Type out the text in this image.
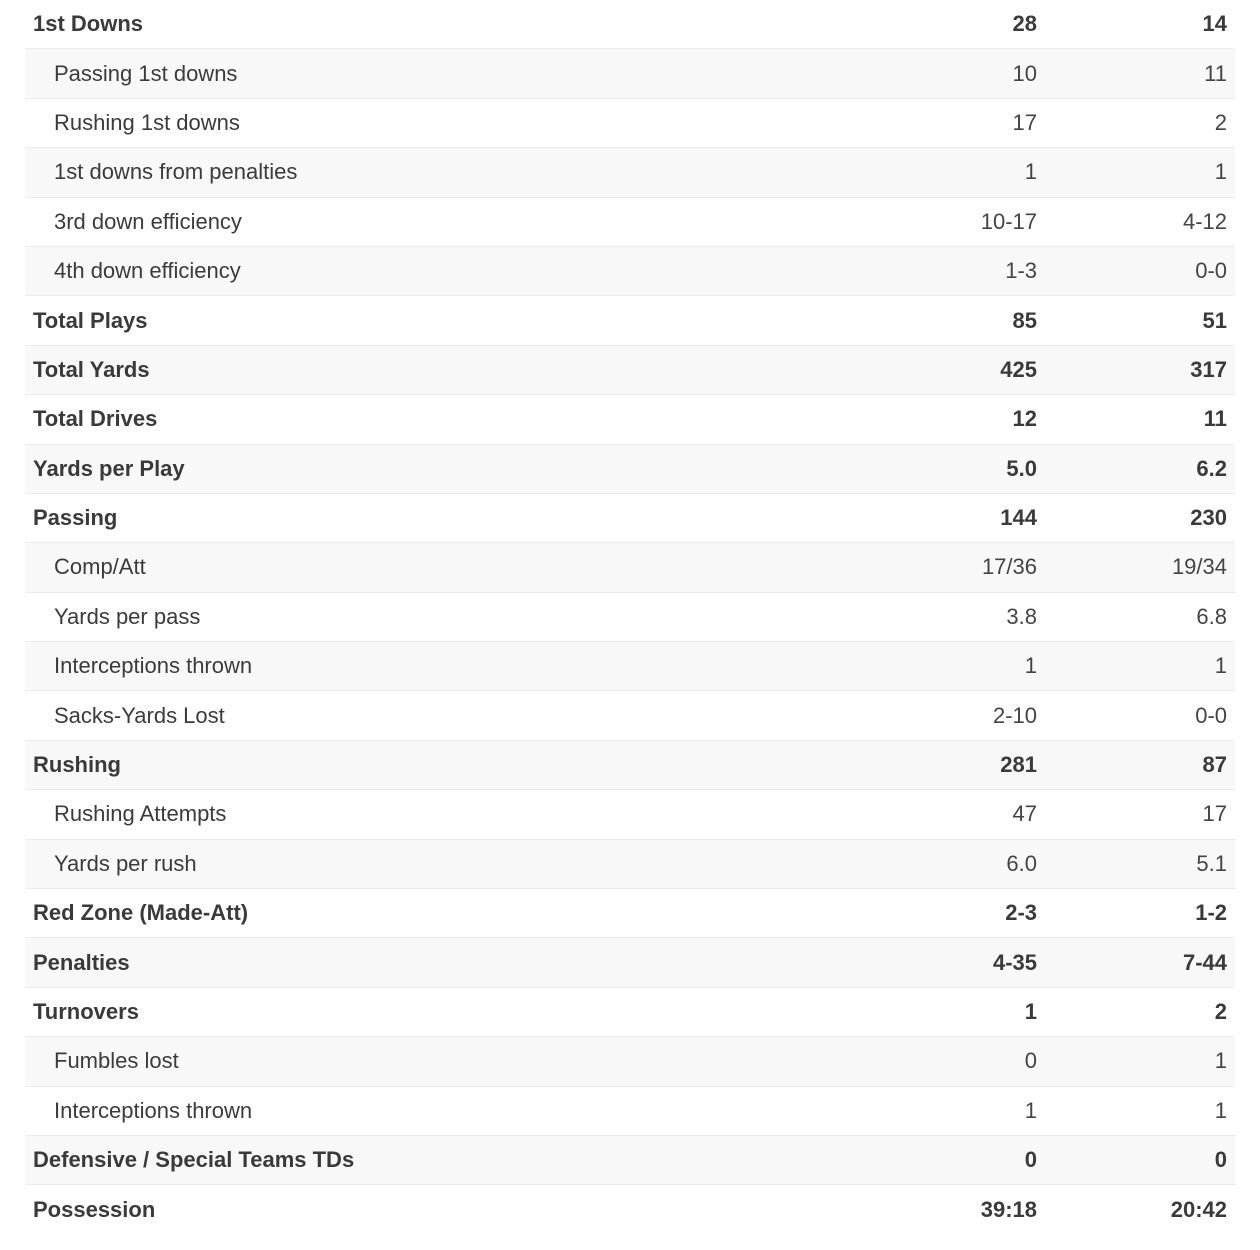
1st Downs	28	14
Passing 1st downs	10	11
Rushing 1st downs	17	2
1st downs from penalties	1	1
3rd down efficiency	10-17	4-12
4th down efficiency	1-3	0-0
Total Plays	85	51
Total Yards	425	317
Total Drives	12	11
Yards per Play	5.0	6.2
Passing	144	230
Comp/Att	17/36	19/34
Yards per pass	3.8	6.8
Interceptions thrown	1	1
Sacks-Yards Lost	2-10	0-0
Rushing	281	87
Rushing Attempts	47	17
Yards per rush	6.0	5.1
Red Zone (Made-Att)	2-3	1-2
Penalties	4-35	7-44
Turnovers	1	2
Fumbles lost	0	1
Interceptions thrown	1	1
Defensive / Special Teams TDs	0	0
Possession	39:18	20:42
